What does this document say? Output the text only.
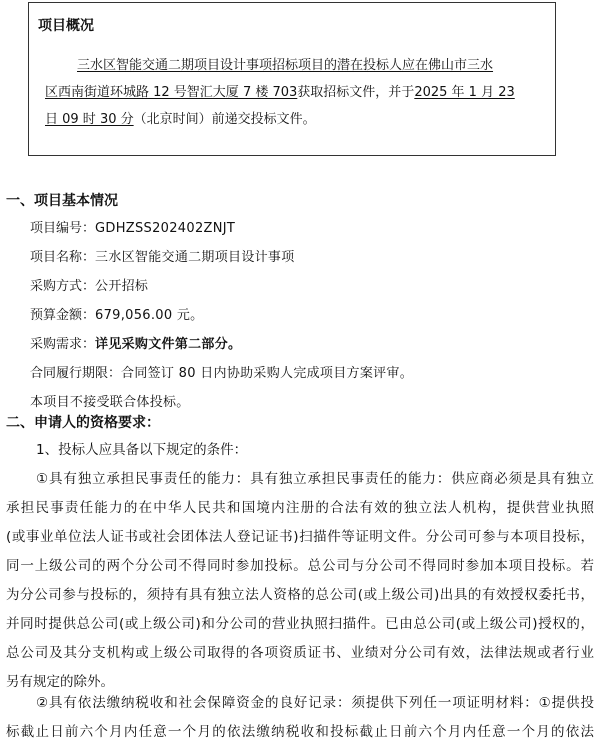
项目概况
三水区智能交通二期项目设计事项招标项目的潜在投标人应在佛山市三水
区西南街道环城路 12 号智汇大厦 7 楼 703获取招标文件，并于2025 年 1 月 23
日 09 时 30 分（北京时间）前递交投标文件。
一、项目基本情况
项目编号：GDHZSS202402ZNJT
项目名称：三水区智能交通二期项目设计事项
采购方式：公开招标
预算金额：679,056.00 元。
采购需求：详见采购文件第二部分。
合同履行期限：合同签订 80 日内协助采购人完成项目方案评审。
本项目不接受联合体投标。
二、申请人的资格要求：
1、投标人应具备以下规定的条件：
①具有独立承担民事责任的能力：具有独立承担民事责任的能力：供应商必须是具有独立
承担民事责任能力的在中华人民共和国境内注册的合法有效的独立法人机构，提供营业执照
(或事业单位法人证书或社会团体法人登记证书)扫描件等证明文件。分公司可参与本项目投标，
同一上级公司的两个分公司不得同时参加投标。总公司与分公司不得同时参加本项目投标。若
为分公司参与投标的，须持有具有独立法人资格的总公司(或上级公司)出具的有效授权委托书，
并同时提供总公司(或上级公司)和分公司的营业执照扫描件。已由总公司(或上级公司)授权的，
总公司及其分支机构或上级公司取得的各项资质证书、业绩对分公司有效，法律法规或者行业
另有规定的除外。
②具有依法缴纳税收和社会保障资金的良好记录：须提供下列任一项证明材料：①提供投
标截止日前六个月内任意一个月的依法缴纳税收和投标截止日前六个月内任意一个月的依法
